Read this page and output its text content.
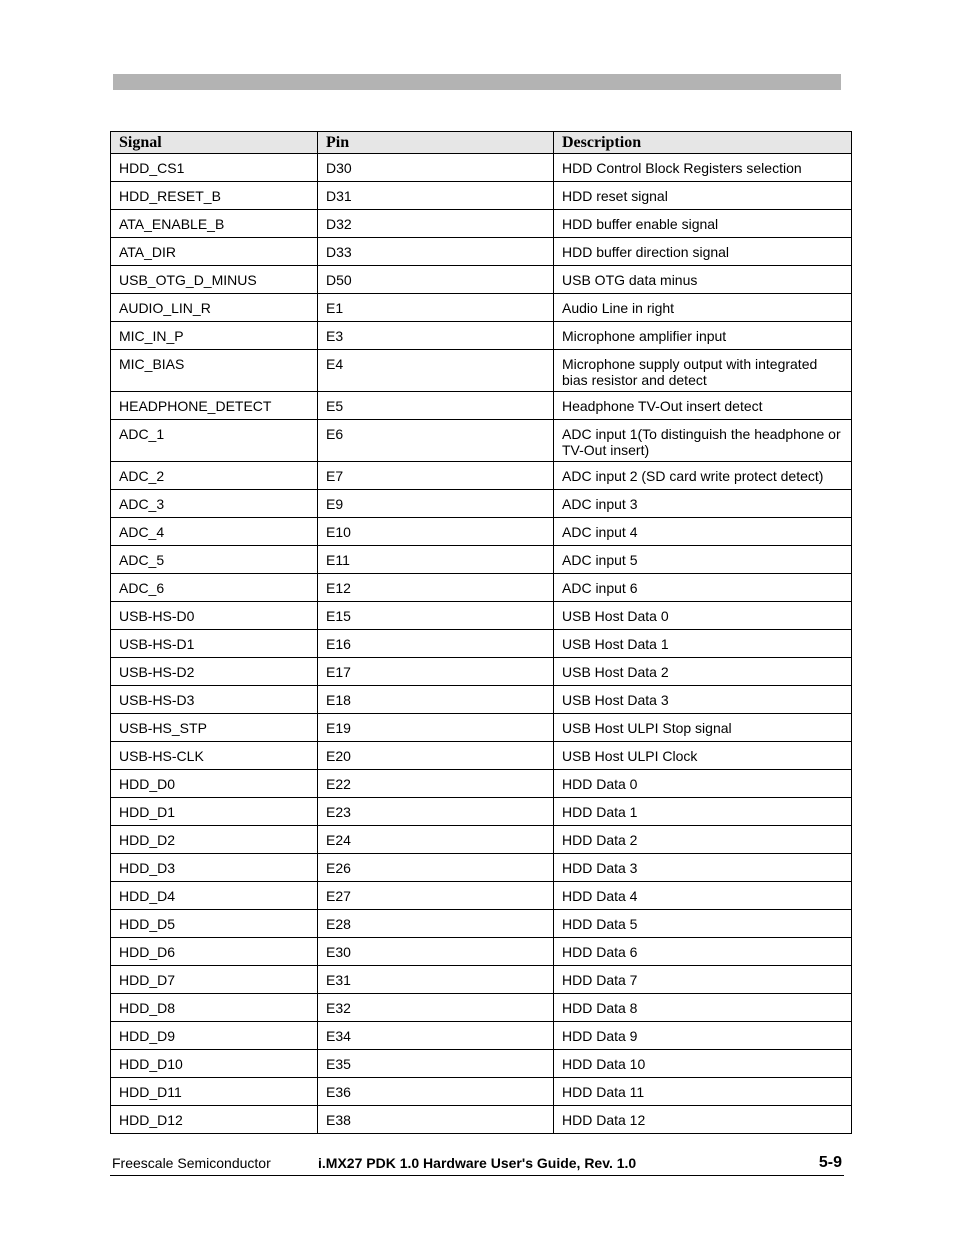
Signal	Pin	Description
HDD_CS1	D30	HDD Control Block Registers selection
HDD_RESET_B	D31	HDD reset signal
ATA_ENABLE_B	D32	HDD buffer enable signal
ATA_DIR	D33	HDD buffer direction signal
USB_OTG_D_MINUS	D50	USB OTG data minus
AUDIO_LIN_R	E1	Audio Line in right
MIC_IN_P	E3	Microphone amplifier input
MIC_BIAS	E4	Microphone supply output with integrated bias resistor and detect
HEADPHONE_DETECT	E5	Headphone TV-Out insert detect
ADC_1	E6	ADC input 1(To distinguish the headphone or TV-Out insert)
ADC_2	E7	ADC input 2 (SD card write protect detect)
ADC_3	E9	ADC input 3
ADC_4	E10	ADC input 4
ADC_5	E11	ADC input 5
ADC_6	E12	ADC input 6
USB-HS-D0	E15	USB Host Data 0
USB-HS-D1	E16	USB Host Data 1
USB-HS-D2	E17	USB Host Data 2
USB-HS-D3	E18	USB Host Data 3
USB-HS_STP	E19	USB Host ULPI Stop signal
USB-HS-CLK	E20	USB Host ULPI Clock
HDD_D0	E22	HDD Data 0
HDD_D1	E23	HDD Data 1
HDD_D2	E24	HDD Data 2
HDD_D3	E26	HDD Data 3
HDD_D4	E27	HDD Data 4
HDD_D5	E28	HDD Data 5
HDD_D6	E30	HDD Data 6
HDD_D7	E31	HDD Data 7
HDD_D8	E32	HDD Data 8
HDD_D9	E34	HDD Data 9
HDD_D10	E35	HDD Data 10
HDD_D11	E36	HDD Data 11
HDD_D12	E38	HDD Data 12
Freescale Semiconductor	i.MX27 PDK 1.0 Hardware User's Guide, Rev. 1.0	5-9
